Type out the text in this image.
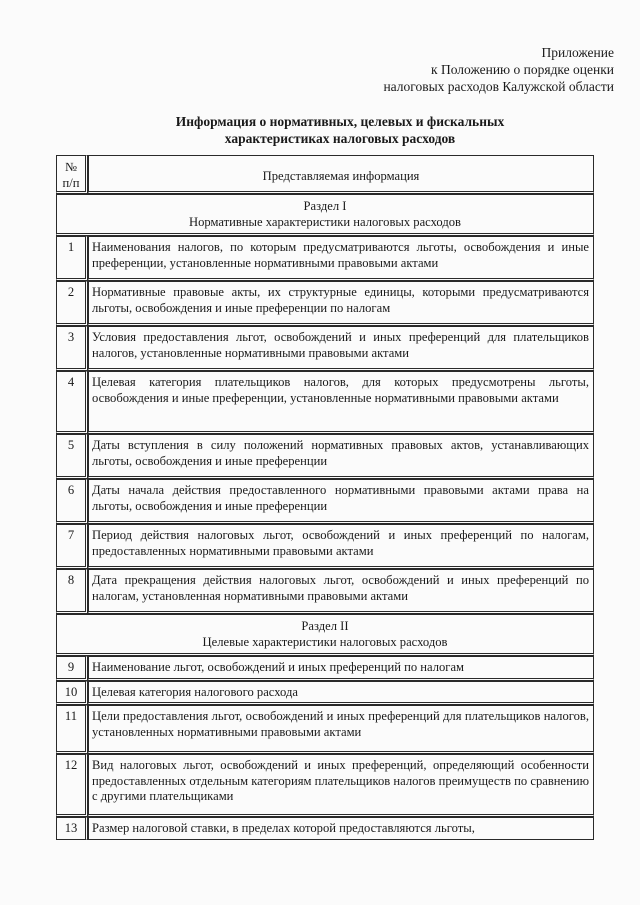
Приложение
к Положению о порядке оценки
налоговых расходов Калужской области
Информация о нормативных, целевых и фискальных
характеристиках налоговых расходов
№
п/п	Представляемая информация

Раздел I
Нормативные характеристики налоговых расходов	

1	Наименования налогов, по которым предусматриваются льготы, освобождения и иные преференции, установленные нормативными правовыми актами
2	Нормативные правовые акты, их структурные единицы, которыми предусматриваются льготы, освобождения и иные преференции по налогам
3	Условия предоставления льгот, освобождений и иных преференций для плательщиков налогов, установленные нормативными правовыми актами
4	Целевая категория плательщиков налогов, для которых предусмотрены льготы, освобождения и иные преференции, установленные нормативными правовыми актами
5	Даты вступления в силу положений нормативных правовых актов, устанавливающих льготы, освобождения и иные преференции
6	Даты начала действия предоставленного нормативными правовыми актами права на льготы, освобождения и иные преференции
7	Период действия налоговых льгот, освобождений и иных преференций по налогам, предоставленных нормативными правовыми актами
8	Дата прекращения действия налоговых льгот, освобождений и иных преференций по налогам, установленная нормативными правовыми актами

Раздел II
Целевые характеристики налоговых расходов	

9	Наименование льгот, освобождений и иных преференций по налогам
10	Целевая категория налогового расхода
11	Цели предоставления льгот, освобождений и иных преференций для плательщиков налогов, установленных нормативными правовыми актами
12	Вид налоговых льгот, освобождений и иных преференций, определяющий особенности предоставленных отдельным категориям плательщиков налогов преимуществ по сравнению с другими плательщиками
13	Размер налоговой ставки, в пределах которой предоставляются льготы,
